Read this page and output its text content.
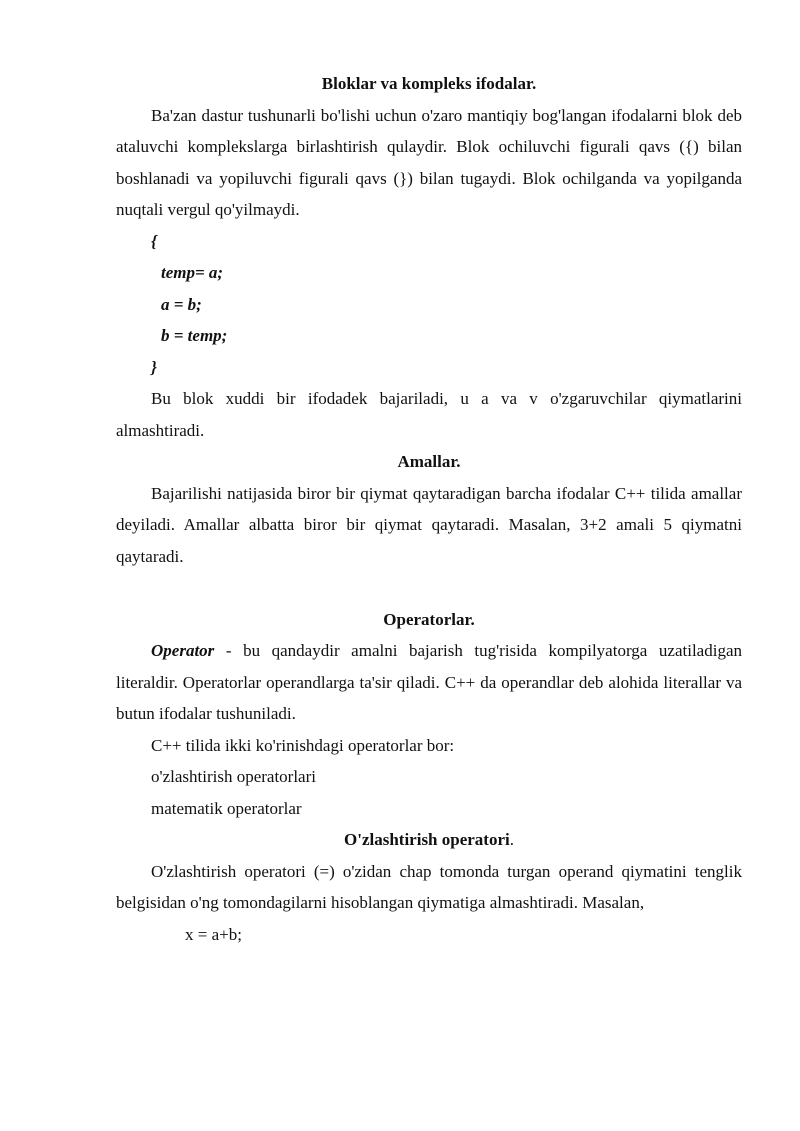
Bloklar va kompleks ifodalar.

Ba'zan dastur tushunarli bo'lishi uchun o'zaro mantiqiy bog'langan ifodalarni blok deb ataluvchi komplekslarga birlashtirish qulaydir. Blok ochiluvchi figurali qavs ({) bilan boshlanadi va yopiluvchi figurali qavs (}) bilan tugaydi. Blok ochilganda va yopilganda nuqtali vergul qo'yilmaydi.

{

temp= a;

a = b;

b = temp;

}

Bu blok xuddi bir ifodadek bajariladi, u a va v o'zgaruvchilar qiymatlarini almashtiradi.

Amallar.

Bajarilishi natijasida biror bir qiymat qaytaradigan barcha ifodalar C++ tilida amallar deyiladi. Amallar albatta biror bir qiymat qaytaradi. Masalan, 3+2 amali 5 qiymatni qaytaradi.

Operatorlar.

Operator - bu qandaydir amalni bajarish tug'risida kompilyatorga uzatiladigan literaldir. Operatorlar operandlarga ta'sir qiladi. C++ da operandlar deb alohida literallar va butun ifodalar tushuniladi.

C++ tilida ikki ko'rinishdagi operatorlar bor:

o'zlashtirish operatorlari

matematik operatorlar

O'zlashtirish operatori.

O'zlashtirish operatori (=) o'zidan chap tomonda turgan operand qiymatini tenglik belgisidan o'ng tomondagilarni hisoblangan qiymatiga almashtiradi. Masalan,

x = a+b;
